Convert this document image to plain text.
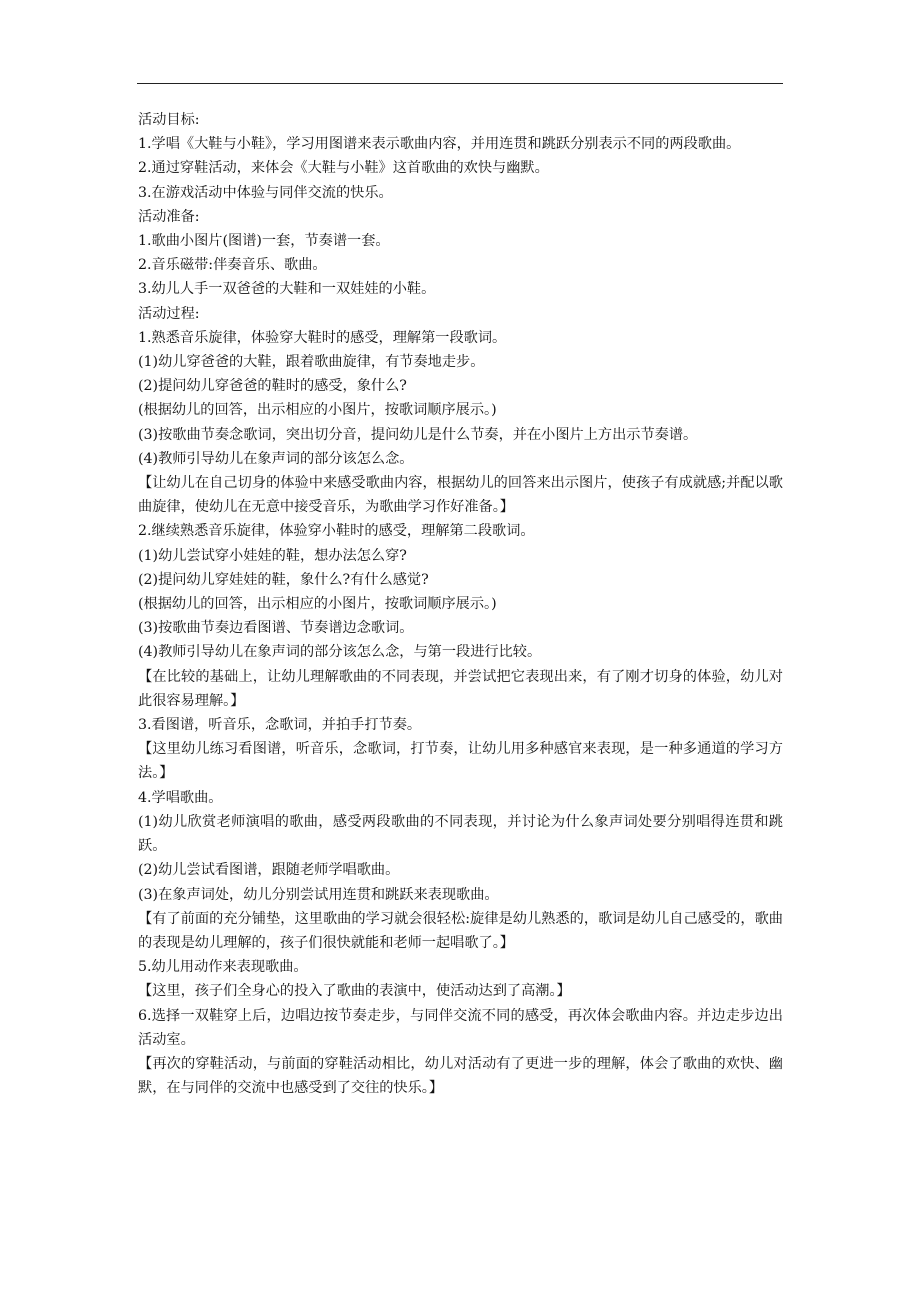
活动目标:
1.学唱《大鞋与小鞋》，学习用图谱来表示歌曲内容，并用连贯和跳跃分别表示不同的两段歌曲。
2.通过穿鞋活动，来体会《大鞋与小鞋》这首歌曲的欢快与幽默。
3.在游戏活动中体验与同伴交流的快乐。
活动准备:
1.歌曲小图片(图谱)一套，节奏谱一套。
2.音乐磁带:伴奏音乐、歌曲。
3.幼儿人手一双爸爸的大鞋和一双娃娃的小鞋。
活动过程:
1.熟悉音乐旋律，体验穿大鞋时的感受，理解第一段歌词。
(1)幼儿穿爸爸的大鞋，跟着歌曲旋律，有节奏地走步。
(2)提问幼儿穿爸爸的鞋时的感受，象什么?
(根据幼儿的回答，出示相应的小图片，按歌词顺序展示。)
(3)按歌曲节奏念歌词，突出切分音，提问幼儿是什么节奏，并在小图片上方出示节奏谱。
(4)教师引导幼儿在象声词的部分该怎么念。
【让幼儿在自己切身的体验中来感受歌曲内容，根据幼儿的回答来出示图片，使孩子有成就感;并配以歌曲旋律，使幼儿在无意中接受音乐，为歌曲学习作好准备。】
2.继续熟悉音乐旋律，体验穿小鞋时的感受，理解第二段歌词。
(1)幼儿尝试穿小娃娃的鞋，想办法怎么穿?
(2)提问幼儿穿娃娃的鞋，象什么?有什么感觉?
(根据幼儿的回答，出示相应的小图片，按歌词顺序展示。)
(3)按歌曲节奏边看图谱、节奏谱边念歌词。
(4)教师引导幼儿在象声词的部分该怎么念，与第一段进行比较。
【在比较的基础上，让幼儿理解歌曲的不同表现，并尝试把它表现出来，有了刚才切身的体验，幼儿对此很容易理解。】
3.看图谱，听音乐，念歌词，并拍手打节奏。
【这里幼儿练习看图谱，听音乐，念歌词，打节奏，让幼儿用多种感官来表现，是一种多通道的学习方法。】
4.学唱歌曲。
(1)幼儿欣赏老师演唱的歌曲，感受两段歌曲的不同表现，并讨论为什么象声词处要分别唱得连贯和跳跃。
(2)幼儿尝试看图谱，跟随老师学唱歌曲。
(3)在象声词处，幼儿分别尝试用连贯和跳跃来表现歌曲。
【有了前面的充分铺垫，这里歌曲的学习就会很轻松:旋律是幼儿熟悉的，歌词是幼儿自己感受的，歌曲的表现是幼儿理解的，孩子们很快就能和老师一起唱歌了。】
5.幼儿用动作来表现歌曲。
【这里，孩子们全身心的投入了歌曲的表演中，使活动达到了高潮。】
6.选择一双鞋穿上后，边唱边按节奏走步，与同伴交流不同的感受，再次体会歌曲内容。并边走步边出活动室。
【再次的穿鞋活动，与前面的穿鞋活动相比，幼儿对活动有了更进一步的理解，体会了歌曲的欢快、幽默，在与同伴的交流中也感受到了交往的快乐。】
